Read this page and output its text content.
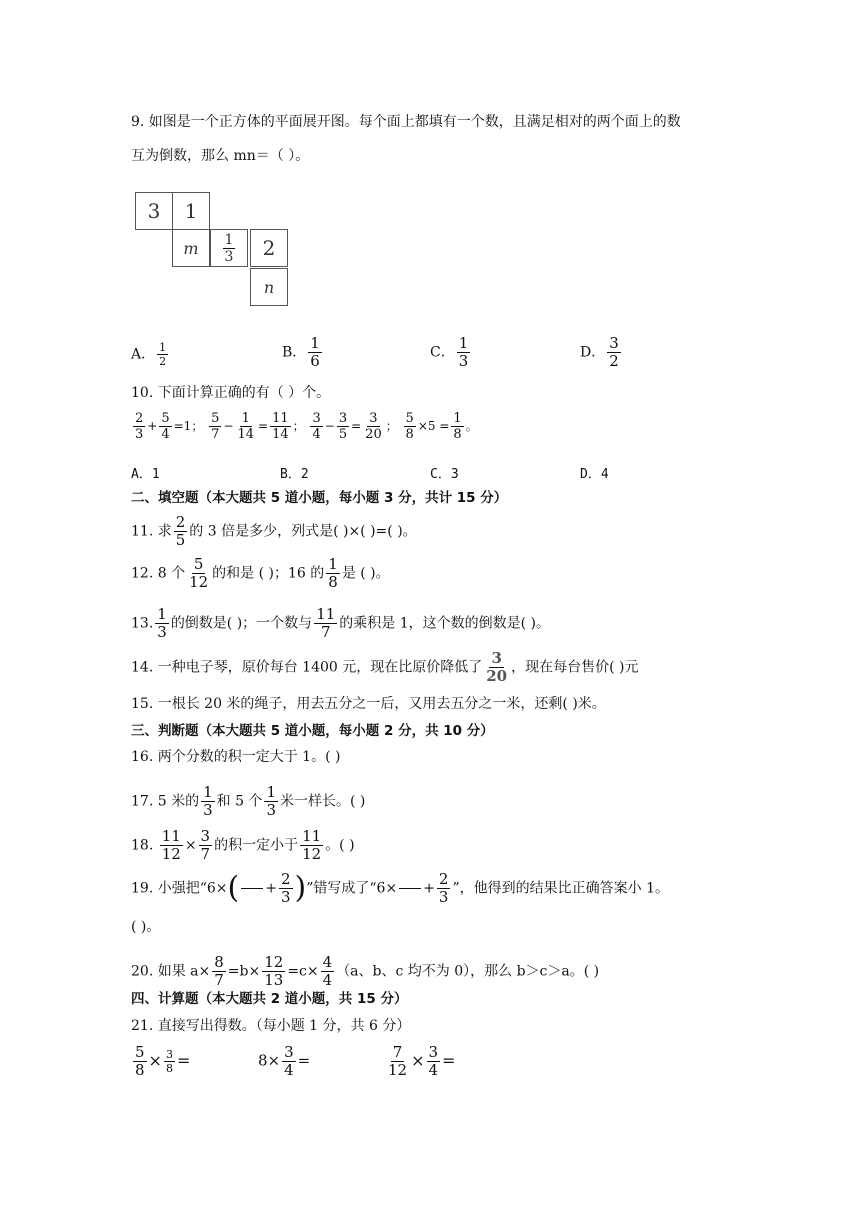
9. 如图是一个正方体的平面展开图。每个面上都填有一个数，且满足相对的两个面上的数
互为倒数，那么 mn＝（ ）。
3	1
m	$\frac{1}{3}$	2
n
A． $\frac{1}{2}$	B． $\frac{1}{6}$	C． $\frac{1}{3}$	D． $\frac{3}{2}$
10. 下面计算正确的有（ ）个。
$\frac{2}{3} + \frac{5}{4} =1$； $\frac{5}{7} - \frac{1}{14} = \frac{11}{14}$ ； $\frac{3}{4} - \frac{3}{5} = \frac{3}{20}$ ； $\frac{5}{8} \times 5 = \frac{1}{8}$ 。
A．1	B．2	C．3	D．4
二、填空题（本大题共 5 道小题，每小题 3 分，共计 15 分）
11. 求 $\frac{2}{5}$ 的 3 倍是多少，列式是( )×( )=( )。
12. 8 个 $\frac{5}{12}$ 的和是 ( )；16 的 $\frac{1}{8}$ 是 ( )。
13. $\frac{1}{3}$ 的倒数是( )；一个数与 $\frac{11}{7}$ 的乘积是 1，这个数的倒数是( )。
14. 一种电子琴，原价每台 1400 元，现在比原价降低了 $\frac{3}{20}$ ，现在每台售价( )元
15. 一根长 20 米的绳子，用去五分之一后，又用去五分之一米，还剩( )米。
三、判断题（本大题共 5 道小题，每小题 2 分，共 10 分）
16. 两个分数的积一定大于 1。( )
17. 5 米的 $\frac{1}{3}$ 和 5 个 $\frac{1}{3}$ 米一样长。( )
18. $\frac{11}{12} \times \frac{3}{7}$ 的积一定小于 $\frac{11}{12}$ 。( )
19. 小强把“$6\times( + \frac{2}{3}$ )”错写成了“$6\times + \frac{2}{3}$ ”，他得到的结果比正确答案小 1。
( )。
20. 如果 $a\times \frac{8}{7} =b\times \frac{12}{13} =c\times \frac{4}{4} (a$、b、c 均不为 0），那么 b＞c＞a。( )
四、计算题（本大题共 2 道小题，共 15 分）
21. 直接写出得数。（每小题 1 分，共 6 分）
$\frac{5}{8} \times \frac{3}{8}$ =	$8\times \frac{3}{4}$ =	$\frac{7}{12} \times \frac{3}{4}$ =
